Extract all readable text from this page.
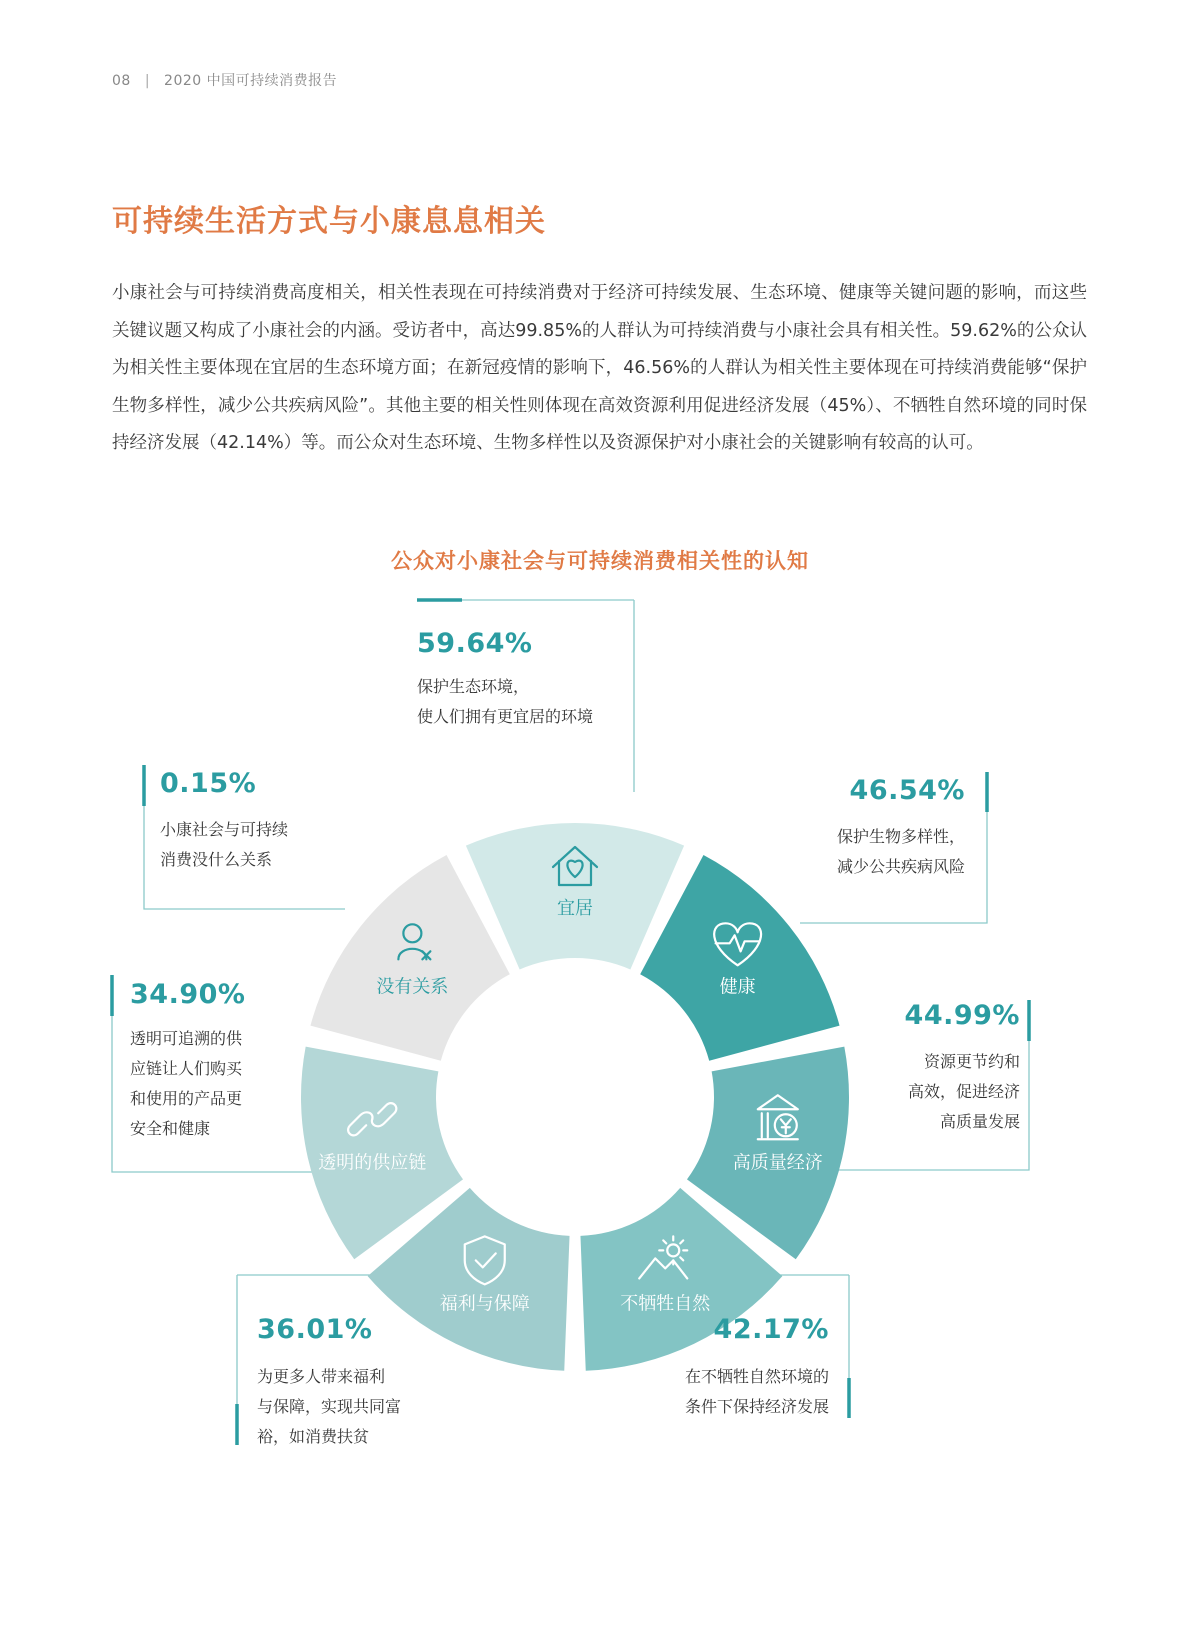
08 | 2020 中国可持续消费报告
可持续生活方式与小康息息相关
小康社会与可持续消费高度相关，相关性表现在可持续消费对于经济可持续发展、生态环境、健康等关键问题的影响，而这些关键议题又构成了小康社会的内涵。受访者中，高达99.85%的人群认为可持续消费与小康社会具有相关性。59.62%的公众认为相关性主要体现在宜居的生态环境方面；在新冠疫情的影响下，46.56%的人群认为相关性主要体现在可持续消费能够“保护生物多样性，减少公共疾病风险”。其他主要的相关性则体现在高效资源利用促进经济发展（45%）、不牺牲自然环境的同时保持经济发展（42.14%）等。而公众对生态环境、生物多样性以及资源保护对小康社会的关键影响有较高的认可。
公众对小康社会与可持续消费相关性的认知
宜居
健康
高质量经济
不牺牲自然
福利与保障
透明的供应链
没有关系
59.64%
保护生态环境，
使人们拥有更宜居的环境
46.54%
保护生物多样性，
减少公共疾病风险
44.99%
资源更节约和
高效，促进经济
高质量发展
42.17%
在不牺牲自然环境的
条件下保持经济发展
36.01%
为更多人带来福利
与保障，实现共同富
裕，如消费扶贫
34.90%
透明可追溯的供
应链让人们购买
和使用的产品更
安全和健康
0.15%
小康社会与可持续
消费没什么关系
